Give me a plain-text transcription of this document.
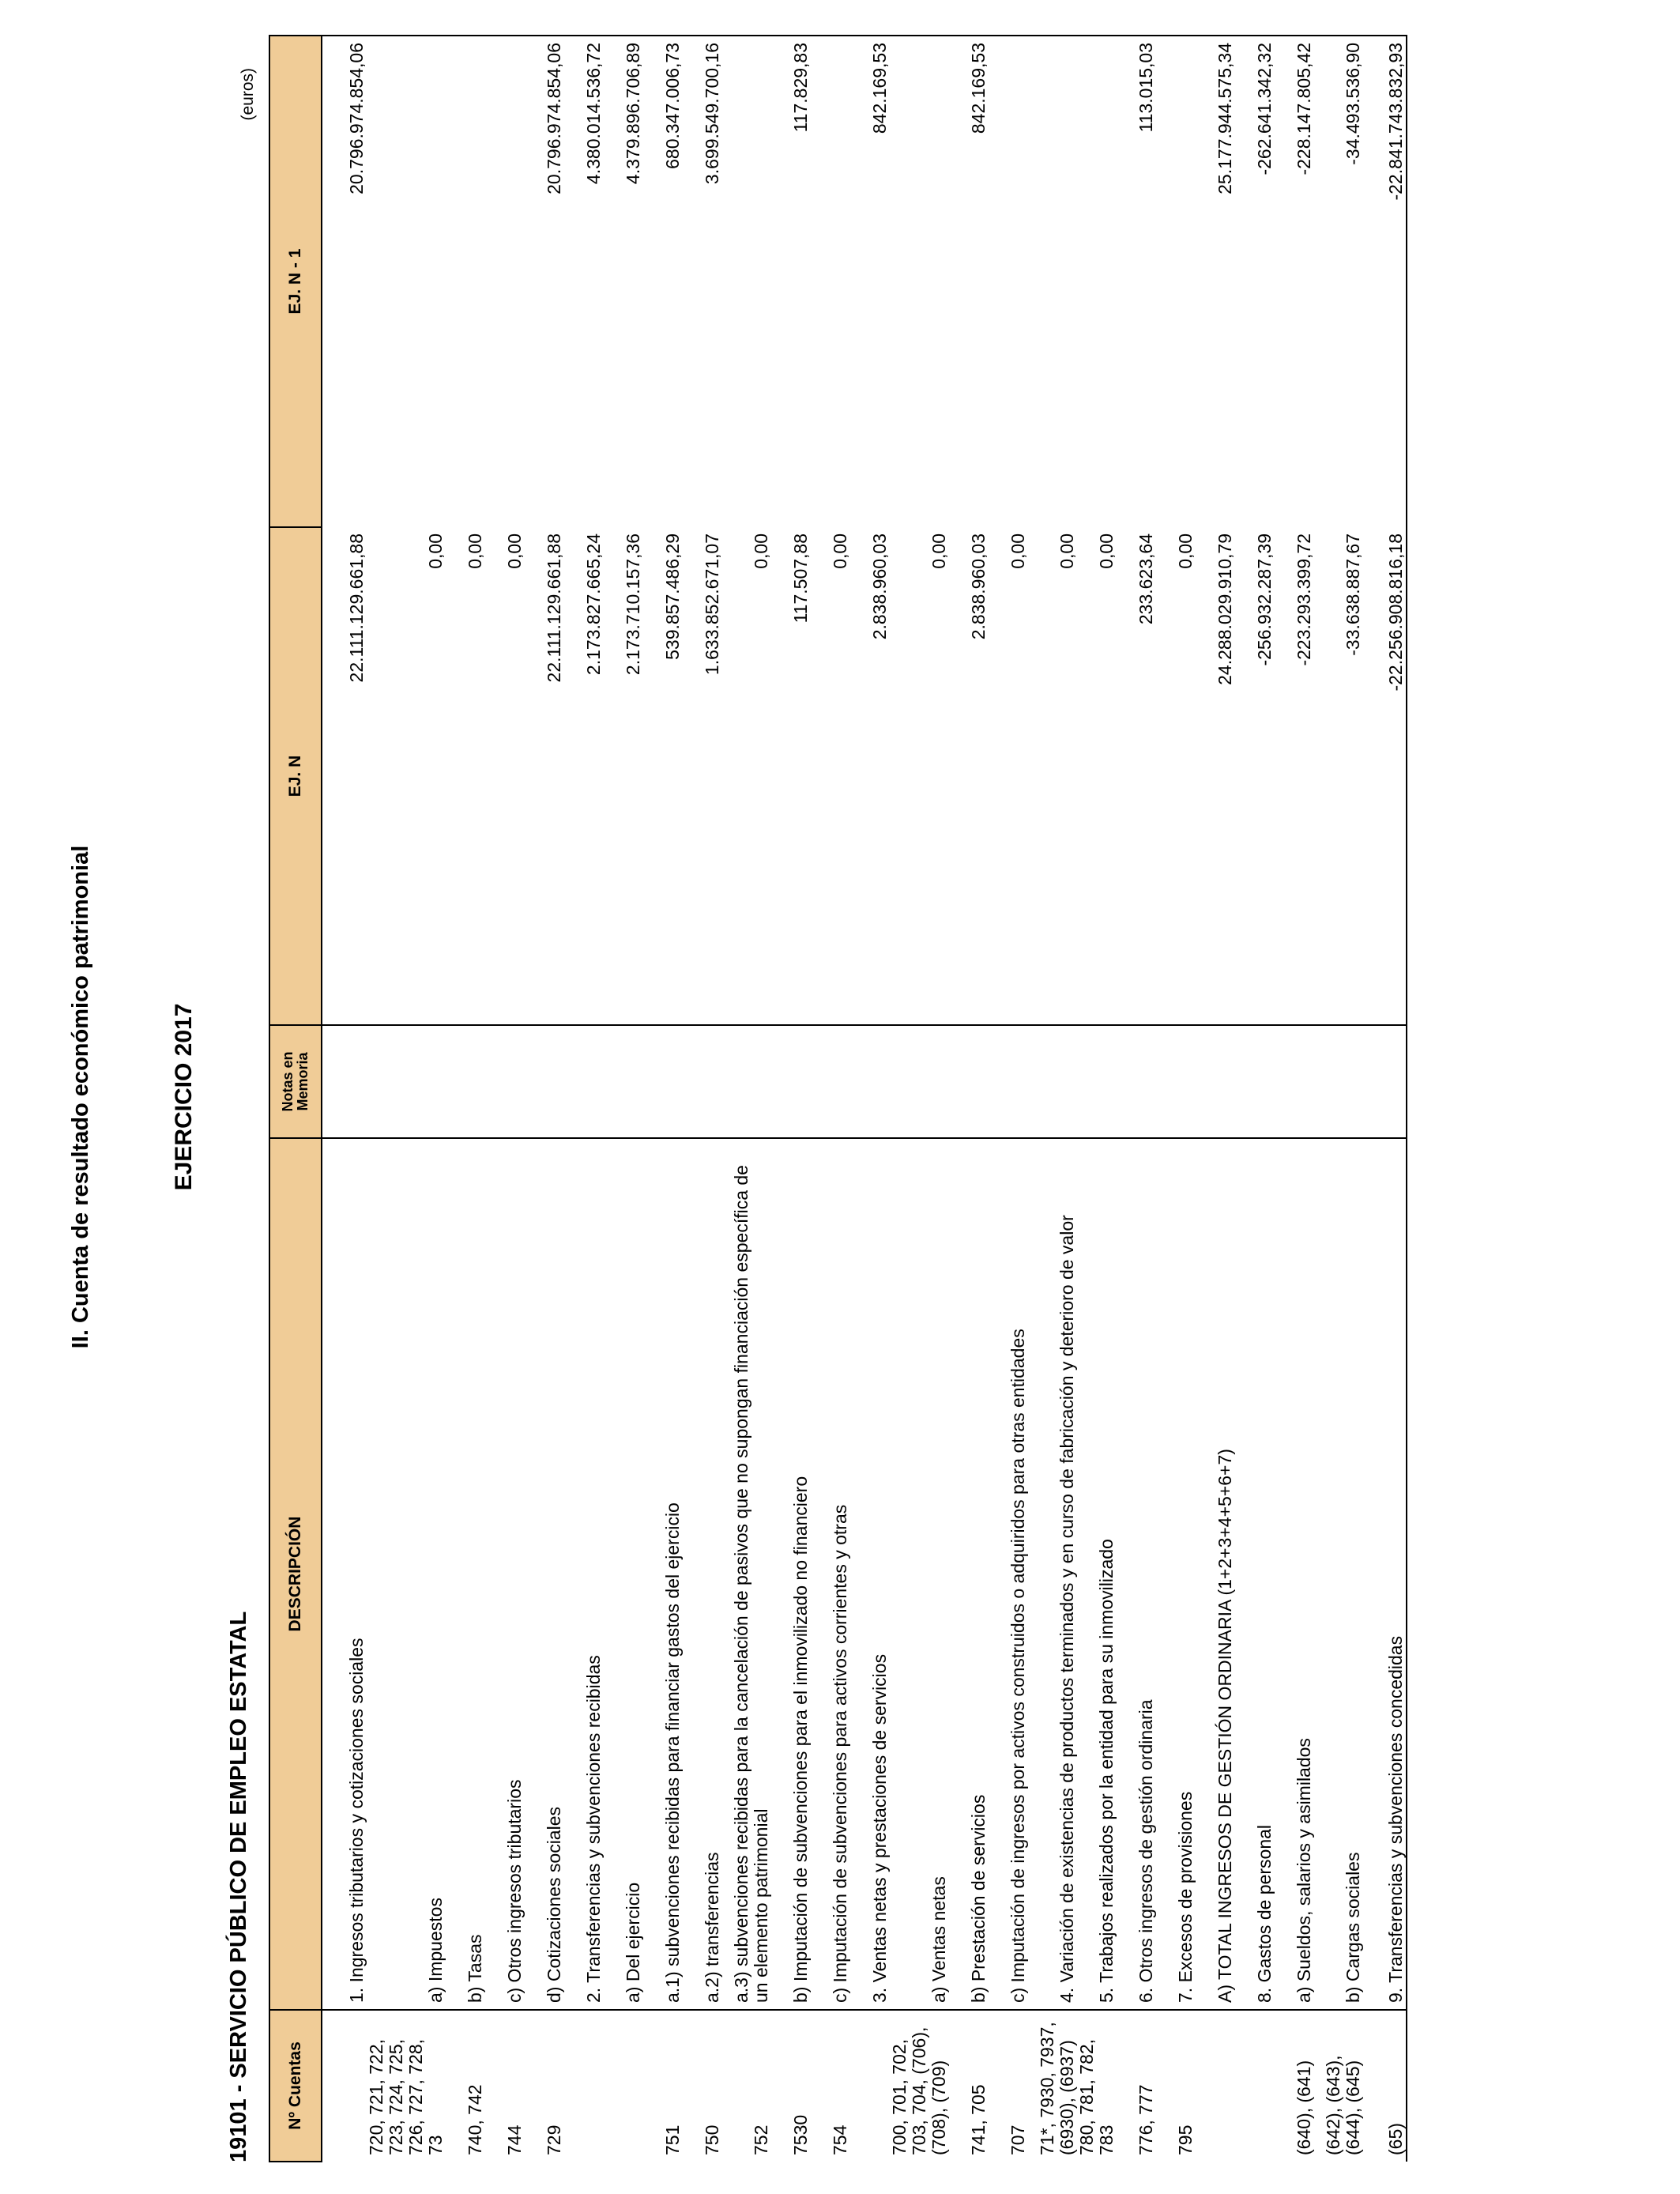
II. Cuenta de resultado económico patrimonial	EJERCICIO 2017
19101 - SERVICIO PÚBLICO DE EMPLEO ESTATAL
(euros)
Nº Cuentas	DESCRIPCIÓN	Notas en Memoria	EJ. N	EJ. N - 1
	1. Ingresos tributarios y cotizaciones sociales		22.111.129.661,88	20.796.974.854,06
720, 721, 722, 723, 724, 725, 726, 727, 728, 73	a) Impuestos		0,00	
740, 742	b) Tasas		0,00	
744	c) Otros ingresos tributarios		0,00	
729	d) Cotizaciones sociales		22.111.129.661,88	20.796.974.854,06
	2. Transferencias y subvenciones recibidas		2.173.827.665,24	4.380.014.536,72
	a) Del ejercicio		2.173.710.157,36	4.379.896.706,89
751	a.1) subvenciones recibidas para financiar gastos del ejercicio		539.857.486,29	680.347.006,73
750	a.2) transferencias		1.633.852.671,07	3.699.549.700,16
752	a.3) subvenciones recibidas para la cancelación de pasivos que no supongan financiación específica de un elemento patrimonial		0,00	
7530	b) Imputación de subvenciones para el inmovilizado no financiero		117.507,88	117.829,83
754	c) Imputación de subvenciones para activos corrientes y otras		0,00	
	3. Ventas netas y prestaciones de servicios		2.838.960,03	842.169,53
700, 701, 702, 703, 704, (706), (708), (709)	a) Ventas netas		0,00	
741, 705	b) Prestación de servicios		2.838.960,03	842.169,53
707	c) Imputación de ingresos por activos construidos o adquiridos para otras entidades		0,00	
71*, 7930, 7937, (6930), (6937)	4. Variación de existencias de productos terminados y en curso de fabricación y deterioro de valor		0,00	
780, 781, 782, 783	5. Trabajos realizados por la entidad para su inmovilizado		0,00	
776, 777	6. Otros ingresos de gestión ordinaria		233.623,64	113.015,03
795	7. Excesos de provisiones		0,00	
	A) TOTAL INGRESOS DE GESTIÓN ORDINARIA (1+2+3+4+5+6+7)		24.288.029.910,79	25.177.944.575,34
	8. Gastos de personal		-256.932.287,39	-262.641.342,32
(640), (641)	a) Sueldos, salarios y asimilados		-223.293.399,72	-228.147.805,42
(642), (643), (644), (645)	b) Cargas sociales		-33.638.887,67	-34.493.536,90
(65)	9. Transferencias y subvenciones concedidas		-22.256.908.816,18	-22.841.743.832,93
